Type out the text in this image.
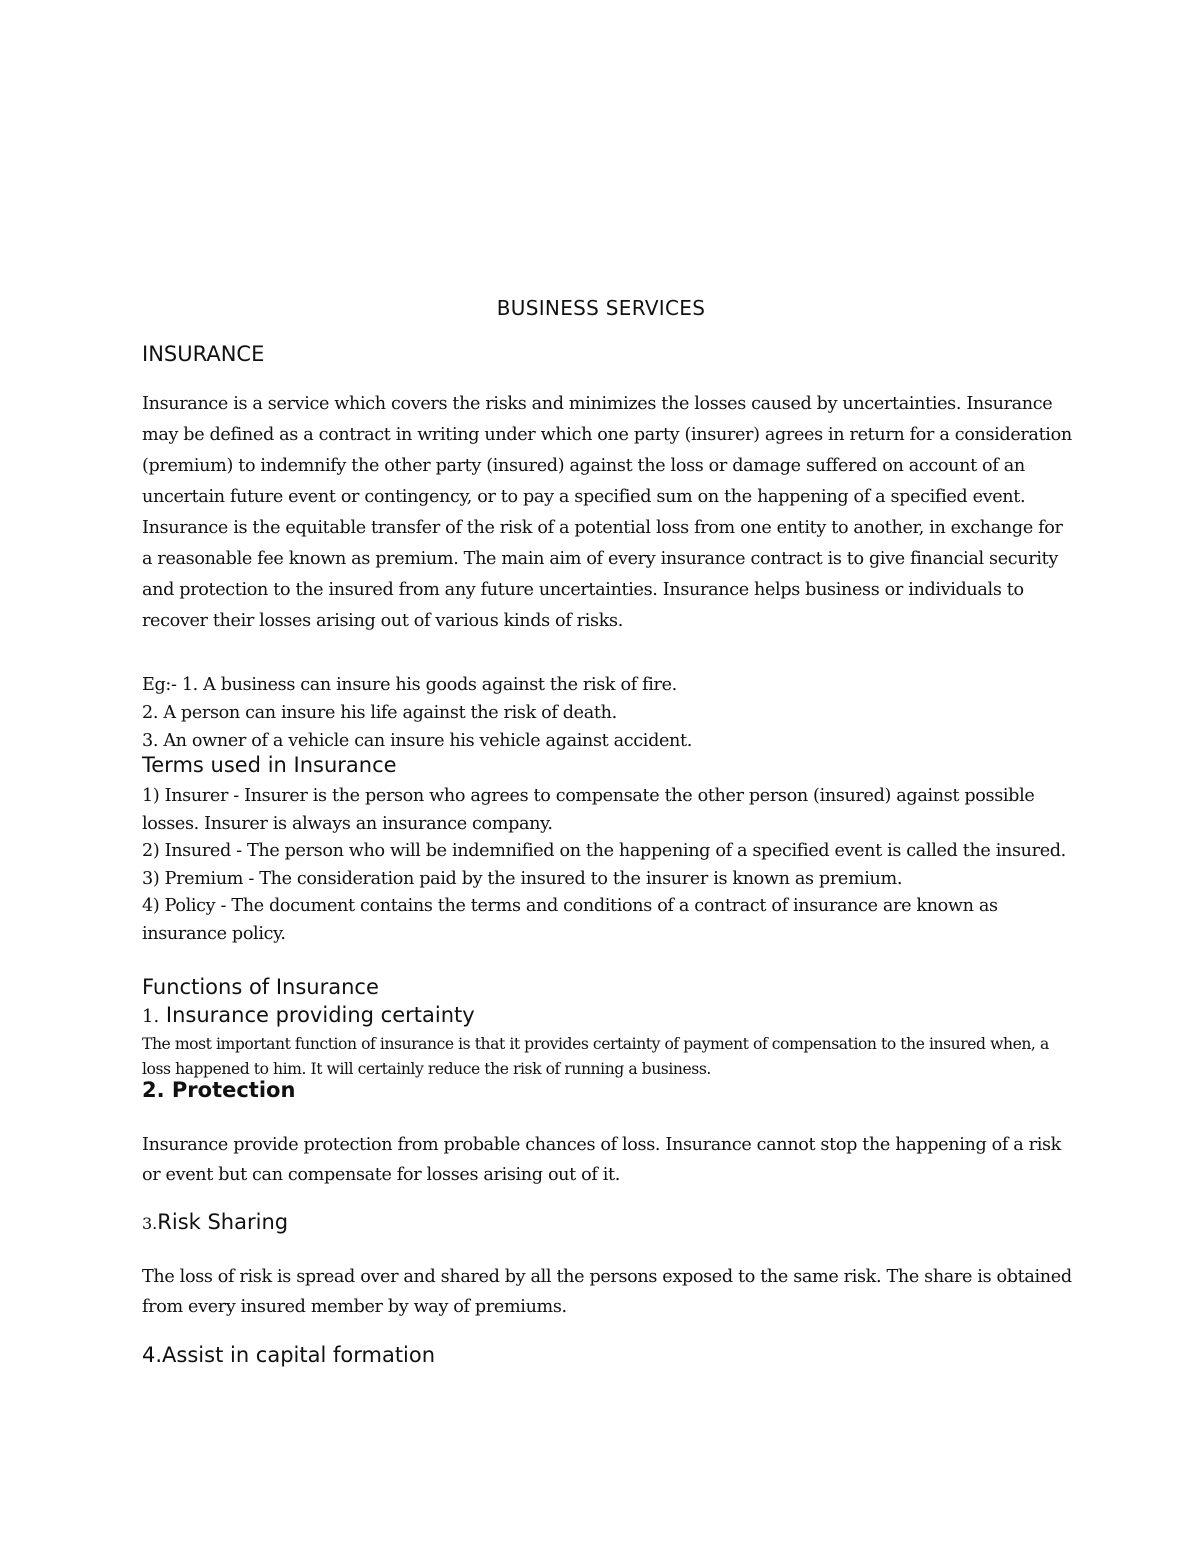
BUSINESS SERVICES
INSURANCE

Insurance is a service which covers the risks and minimizes the losses caused by uncertainties. Insurance may be defined as a contract in writing under which one party (insurer) agrees in return for a consideration (premium) to indemnify the other party (insured) against the loss or damage suffered on account of an uncertain future event or contingency, or to pay a specified sum on the happening of a specified event. Insurance is the equitable transfer of the risk of a potential loss from one entity to another, in exchange for a reasonable fee known as premium. The main aim of every insurance contract is to give financial security and protection to the insured from any future uncertainties. Insurance helps business or individuals to recover their losses arising out of various kinds of risks.

Eg:- 1. A business can insure his goods against the risk of fire.
2. A person can insure his life against the risk of death.
3. An owner of a vehicle can insure his vehicle against accident.
Terms used in Insurance
1) Insurer - Insurer is the person who agrees to compensate the other person (insured) against possible losses. Insurer is always an insurance company.
2) Insured - The person who will be indemnified on the happening of a specified event is called the insured.
3) Premium - The consideration paid by the insured to the insurer is known as premium.
4) Policy - The document contains the terms and conditions of a contract of insurance are known as insurance policy.
Functions of Insurance
1. Insurance providing certainty

The most important function of insurance is that it provides certainty of payment of compensation to the insured when, a loss happened to him. It will certainly reduce the risk of running a business.

2. Protection

Insurance provide protection from probable chances of loss. Insurance cannot stop the happening of a risk or event but can compensate for losses arising out of it.

3.Risk Sharing

The loss of risk is spread over and shared by all the persons exposed to the same risk. The share is obtained from every insured member by way of premiums.

4.Assist in capital formation
